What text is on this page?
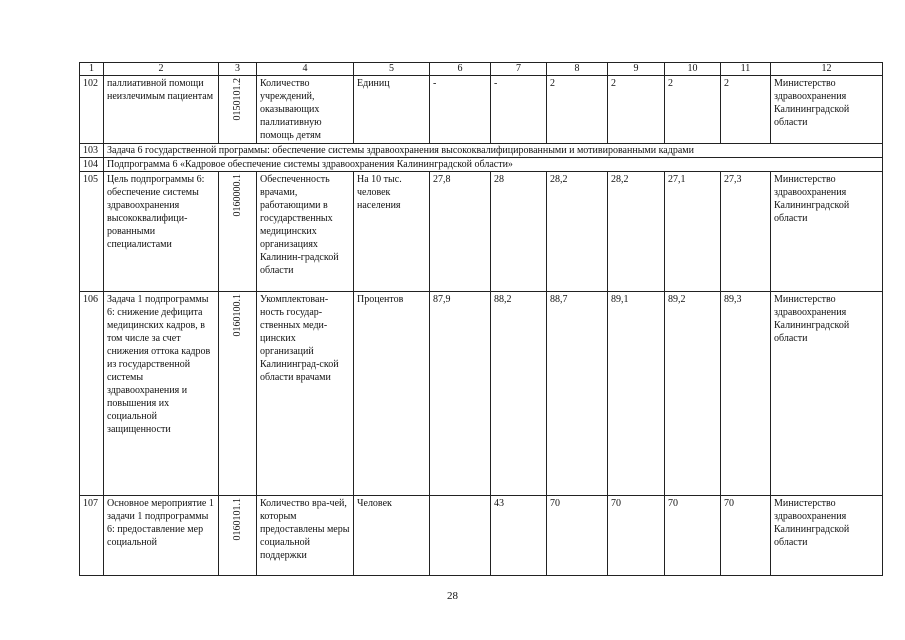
1	2	3	4	5	6	7	8	9	10	11	12
102	паллиативной помощи неизлечимым пациентам	0150101.2	Количество учреждений, оказывающих паллиативную помощь детям	Единиц	-	-	2	2	2	2	Министерство здравоохранения Калининградской области
103	Задача 6 государственной программы: обеспечение системы здравоохранения высококвалифицированными и мотивированными кадрами										
104	Подпрограмма 6 «Кадровое обеспечение системы здравоохранения Калининградской области»										
105	Цель подпрограммы 6: обеспечение системы здравоохранения высококвалифици-рованными специалистами	0160000.1	Обеспеченность врачами, работающими в государственных медицинских организациях Калинин-градской области	На 10 тыс. человек населения	27,8	28	28,2	28,2	27,1	27,3	Министерство здравоохранения Калининградской области
106	Задача 1 подпрограммы 6: снижение дефицита медицинских кадров, в том числе за счет снижения оттока кадров из государственной системы здравоохранения и повышения их социальной защищенности	0160100.1	Укомплектован-ность государ-ственных меди-цинских организаций Калининград-ской области врачами	Процентов	87,9	88,2	88,7	89,1	89,2	89,3	Министерство здравоохранения Калининградской области
107	Основное мероприятие 1 задачи 1 подпрограммы 6: предоставление мер социальной	0160101.1	Количество вра-чей, которым предоставлены меры социальной поддержки	Человек		43	70	70	70	70	Министерство здравоохранения Калининградской области
28
